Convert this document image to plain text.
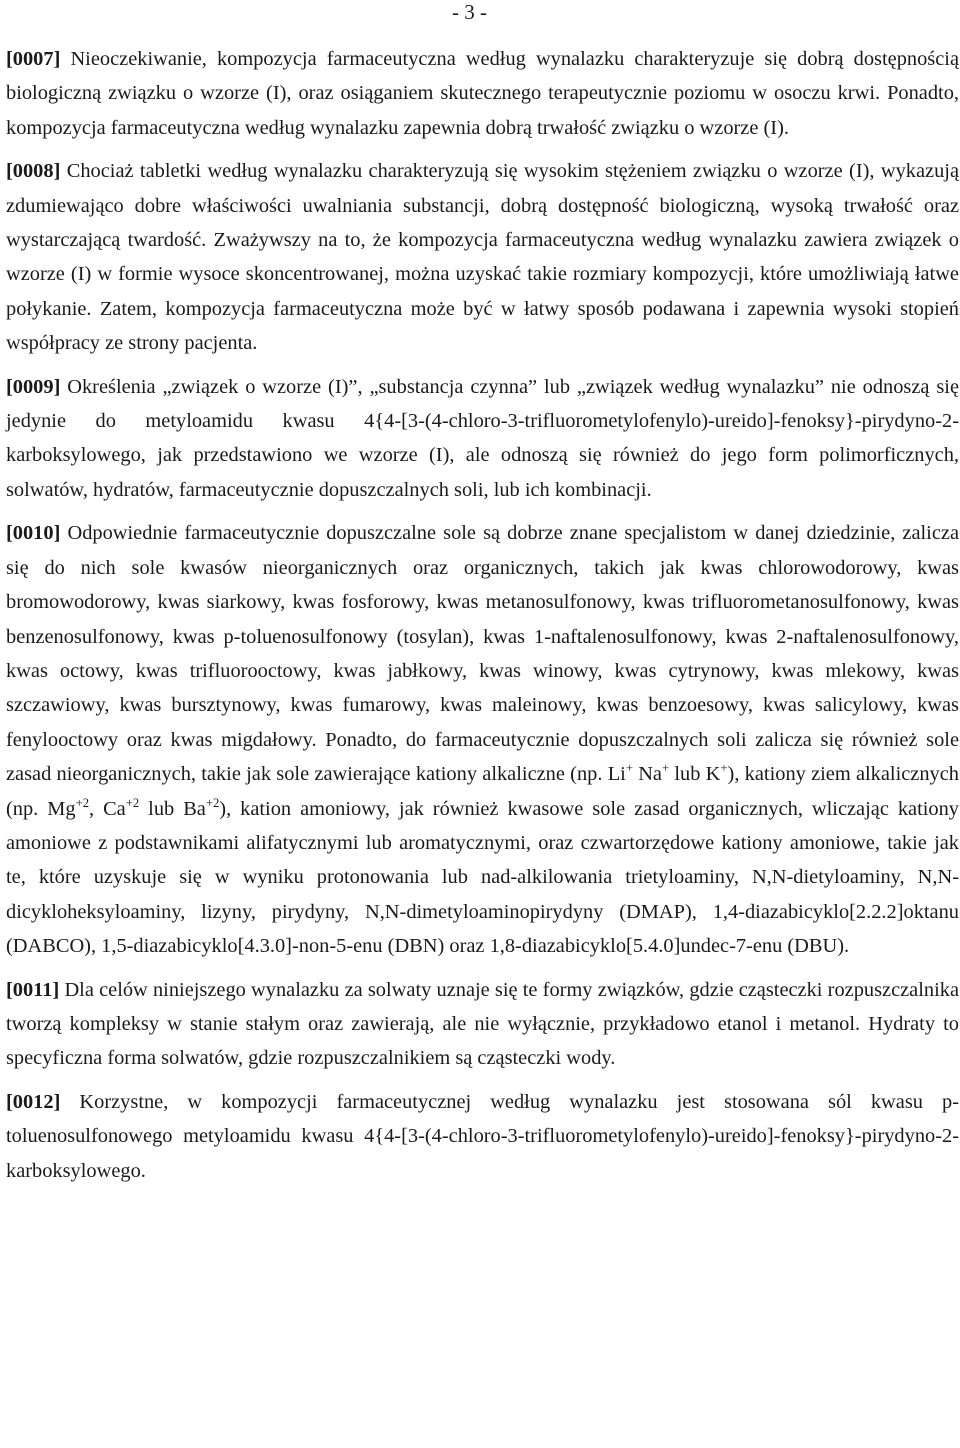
- 3 -

[0007] Nieoczekiwanie, kompozycja farmaceutyczna według wynalazku charakteryzuje się dobrą dostępnością biologiczną związku o wzorze (I), oraz osiąganiem skutecznego terapeutycznie poziomu w osoczu krwi. Ponadto, kompozycja farmaceutyczna według wynalazku zapewnia dobrą trwałość związku o wzorze (I).

[0008] Chociaż tabletki według wynalazku charakteryzują się wysokim stężeniem związku o wzorze (I), wykazują zdumiewająco dobre właściwości uwalniania substancji, dobrą dostępność biologiczną, wysoką trwałość oraz wystarczającą twardość. Zważywszy na to, że kompozycja farmaceutyczna według wynalazku zawiera związek o wzorze (I) w formie wysoce skoncentrowanej, można uzyskać takie rozmiary kompozycji, które umożliwiają łatwe połykanie. Zatem, kompozycja farmaceutyczna może być w łatwy sposób podawana i zapewnia wysoki stopień współpracy ze strony pacjenta.

[0009] Określenia „związek o wzorze (I)”, „substancja czynna” lub „związek według wynalazku” nie odnoszą się jedynie do metyloamidu kwasu 4{4-[3-(4-chloro-3-trifluorometylofenylo)-ureido]-fenoksy}-pirydyno-2-karboksylowego, jak przedstawiono we wzorze (I), ale odnoszą się również do jego form polimorficznych, solwatów, hydratów, farmaceutycznie dopuszczalnych soli, lub ich kombinacji.

[0010] Odpowiednie farmaceutycznie dopuszczalne sole są dobrze znane specjalistom w danej dziedzinie, zalicza się do nich sole kwasów nieorganicznych oraz organicznych, takich jak kwas chlorowodorowy, kwas bromowodorowy, kwas siarkowy, kwas fosforowy, kwas metanosulfonowy, kwas trifluorometanosulfonowy, kwas benzenosulfonowy, kwas p-toluenosulfonowy (tosylan), kwas 1-naftalenosulfonowy, kwas 2-naftalenosulfonowy, kwas octowy, kwas trifluorooctowy, kwas jabłkowy, kwas winowy, kwas cytrynowy, kwas mlekowy, kwas szczawiowy, kwas bursztynowy, kwas fumarowy, kwas maleinowy, kwas benzoesowy, kwas salicylowy, kwas fenylooctowy oraz kwas migdałowy. Ponadto, do farmaceutycznie dopuszczalnych soli zalicza się również sole zasad nieorganicznych, takie jak sole zawierające kationy alkaliczne (np. Li+ Na+ lub K+), kationy ziem alkalicznych (np. $Mg^{+2}$, $Ca^{+2}$ lub $Ba^{+2}$), kation amoniowy, jak również kwasowe sole zasad organicznych, wliczając kationy amoniowe z podstawnikami alifatycznymi lub aromatycznymi, oraz czwartorzędowe kationy amoniowe, takie jak te, które uzyskuje się w wyniku protonowania lub nad-alkilowania trietyloaminy, N,N-dietyloaminy, N,N-dicykloheksyloaminy, lizyny, pirydyny, N,N-dimetyloaminopirydyny (DMAP), 1,4-diazabicyklo[2.2.2]oktanu (DABCO), 1,5-diazabicyklo[4.3.0]-non-5-enu (DBN) oraz 1,8-diazabicyklo[5.4.0]undec-7-enu (DBU).

[0011] Dla celów niniejszego wynalazku za solwaty uznaje się te formy związków, gdzie cząsteczki rozpuszczalnika tworzą kompleksy w stanie stałym oraz zawierają, ale nie wyłącznie, przykładowo etanol i metanol. Hydraty to specyficzna forma solwatów, gdzie rozpuszczalnikiem są cząsteczki wody.

[0012] Korzystne, w kompozycji farmaceutycznej według wynalazku jest stosowana sól kwasu p-toluenosulfonowego metyloamidu kwasu 4{4-[3-(4-chloro-3-trifluorometylofenylo)-ureido]-fenoksy}-pirydyno-2-karboksylowego.
